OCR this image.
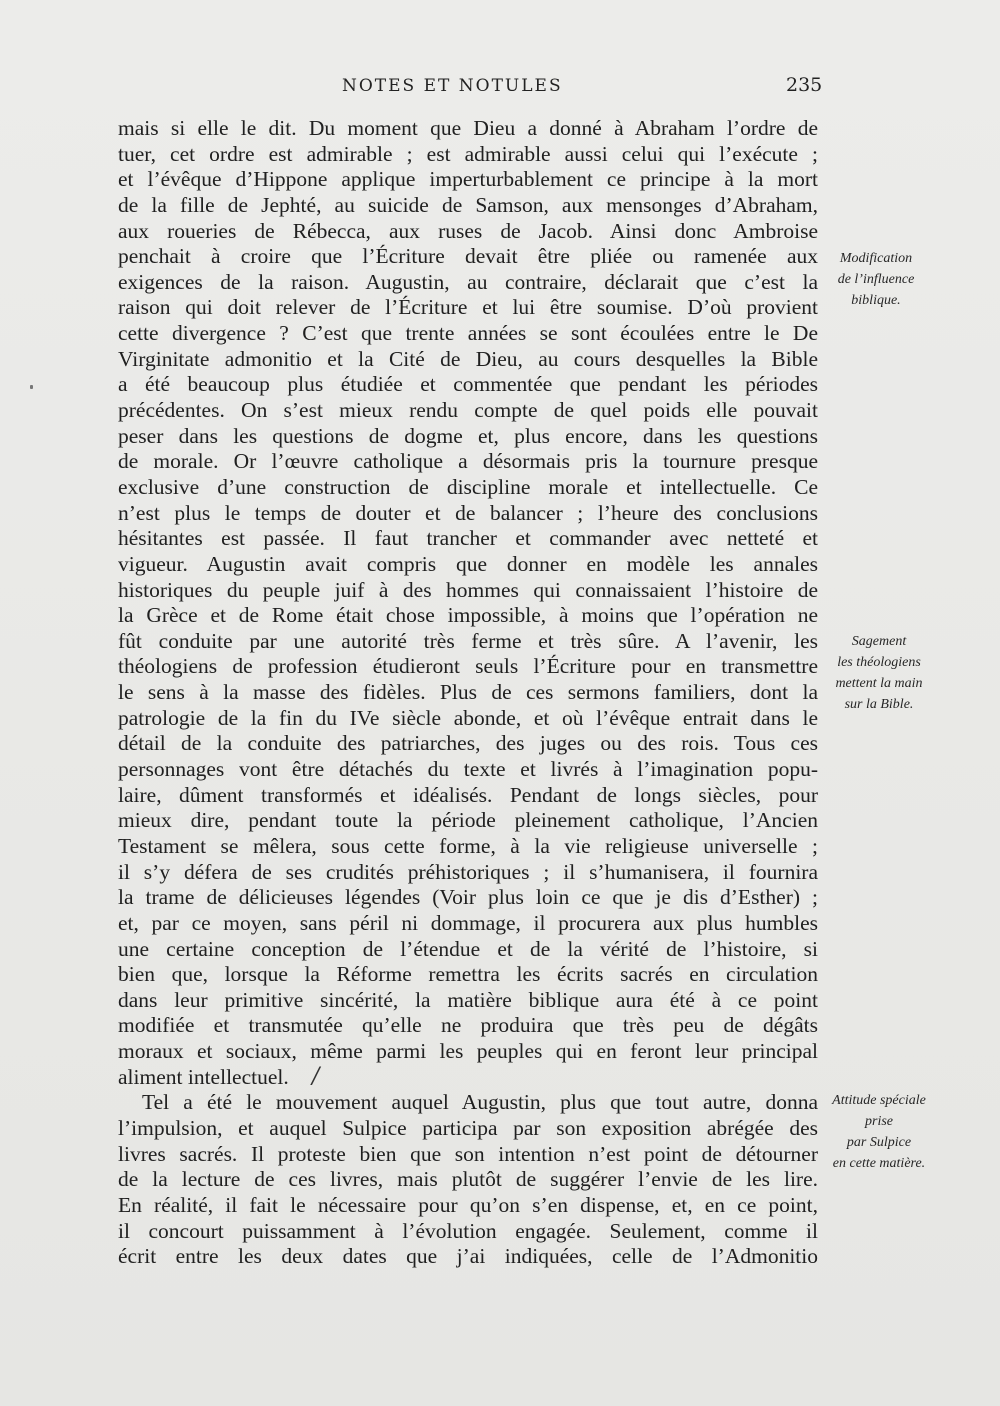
NOTES ET NOTULES	235
mais si elle le dit. Du moment que Dieu a donné à Abraham l’ordre de
tuer, cet ordre est admirable ; est admirable aussi celui qui l’exécute ;
et l’évêque d’Hippone applique imperturbablement ce principe à la mort
de la fille de Jephté, au suicide de Samson, aux mensonges d’Abraham,
aux roueries de Rébecca, aux ruses de Jacob. Ainsi donc Ambroise
penchait à croire que l’Écriture devait être pliée ou ramenée aux
exigences de la raison. Augustin, au contraire, déclarait que c’est la
raison qui doit relever de l’Écriture et lui être soumise. D’où provient
cette divergence ? C’est que trente années se sont écoulées entre le De
Virginitate admonitio et la Cité de Dieu, au cours desquelles la Bible
a été beaucoup plus étudiée et commentée que pendant les périodes
précédentes. On s’est mieux rendu compte de quel poids elle pouvait
peser dans les questions de dogme et, plus encore, dans les questions
de morale. Or l’œuvre catholique a désormais pris la tournure presque
exclusive d’une construction de discipline morale et intellectuelle. Ce
n’est plus le temps de douter et de balancer ; l’heure des conclusions
hésitantes est passée. Il faut trancher et commander avec netteté et
vigueur. Augustin avait compris que donner en modèle les annales
historiques du peuple juif à des hommes qui connaissaient l’histoire de
la Grèce et de Rome était chose impossible, à moins que l’opération ne
fût conduite par une autorité très ferme et très sûre. A l’avenir, les
théologiens de profession étudieront seuls l’Écriture pour en transmettre
le sens à la masse des fidèles. Plus de ces sermons familiers, dont la
patrologie de la fin du IVe siècle abonde, et où l’évêque entrait dans le
détail de la conduite des patriarches, des juges ou des rois. Tous ces
personnages vont être détachés du texte et livrés à l’imagination popu-
laire, dûment transformés et idéalisés. Pendant de longs siècles, pour
mieux dire, pendant toute la période pleinement catholique, l’Ancien
Testament se mêlera, sous cette forme, à la vie religieuse universelle ;
il s’y défera de ses crudités préhistoriques ; il s’humanisera, il fournira
la trame de délicieuses légendes (Voir plus loin ce que je dis d’Esther) ;
et, par ce moyen, sans péril ni dommage, il procurera aux plus humbles
une certaine conception de l’étendue et de la vérité de l’histoire, si
bien que, lorsque la Réforme remettra les écrits sacrés en circulation
dans leur primitive sincérité, la matière biblique aura été à ce point
modifiée et transmutée qu’elle ne produira que très peu de dégâts
moraux et sociaux, même parmi les peuples qui en feront leur principal
aliment intellectuel.
Tel a été le mouvement auquel Augustin, plus que tout autre, donna
l’impulsion, et auquel Sulpice participa par son exposition abrégée des
livres sacrés. Il proteste bien que son intention n’est point de détourner
de la lecture de ces livres, mais plutôt de suggérer l’envie de les lire.
En réalité, il fait le nécessaire pour qu’on s’en dispense, et, en ce point,
il concourt puissamment à l’évolution engagée. Seulement, comme il
écrit entre les deux dates que j’ai indiquées, celle de l’Admonitio
/
Modification
de l’influence
biblique.
Sagement
les théologiens
mettent la main
sur la Bible.
Attitude spéciale
prise
par Sulpice
en cette matière.
